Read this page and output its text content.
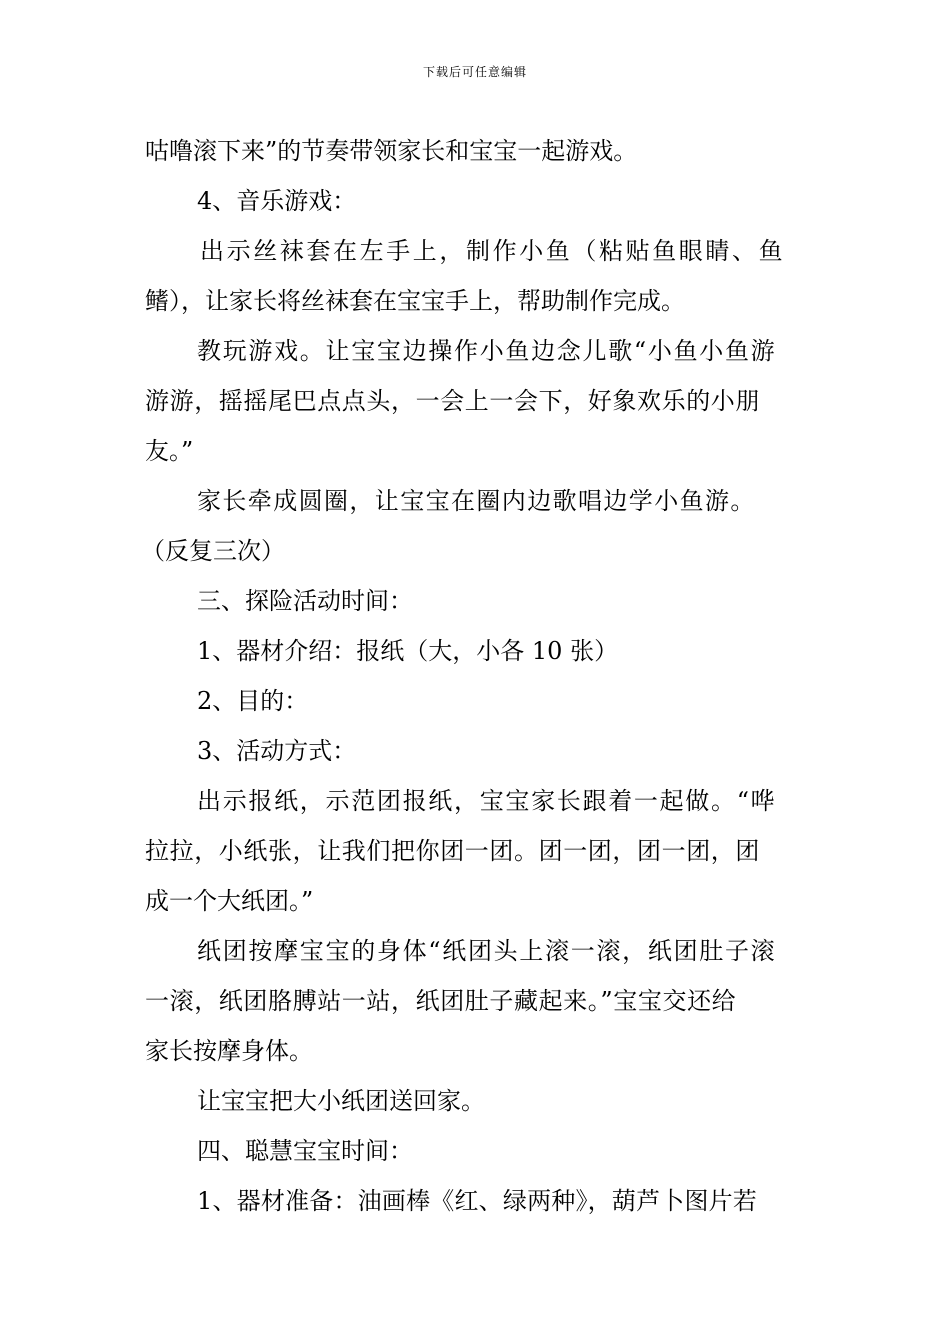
下载后可任意编辑
咕噜滚下来”的节奏带领家长和宝宝一起游戏。
4、音乐游戏：
出示丝袜套在左手上，制作小鱼（粘贴鱼眼睛、鱼
鳍），让家长将丝袜套在宝宝手上，帮助制作完成。
教玩游戏。让宝宝边操作小鱼边念儿歌“小鱼小鱼游
游游，摇摇尾巴点点头，一会上一会下，好象欢乐的小朋
友。”
家长牵成圆圈，让宝宝在圈内边歌唱边学小鱼游。
（反复三次）
三、探险活动时间：
1、器材介绍：报纸（大，小各 10 张）
2、目的：
3、活动方式：
出示报纸，示范团报纸，宝宝家长跟着一起做。“哗
拉拉，小纸张，让我们把你团一团。团一团，团一团，团
成一个大纸团。”
纸团按摩宝宝的身体“纸团头上滚一滚，纸团肚子滚
一滚，纸团胳膊站一站，纸团肚子藏起来。”宝宝交还给
家长按摩身体。
让宝宝把大小纸团送回家。
四、聪慧宝宝时间：
1、器材准备：油画棒《红、绿两种》，葫芦卜图片若
